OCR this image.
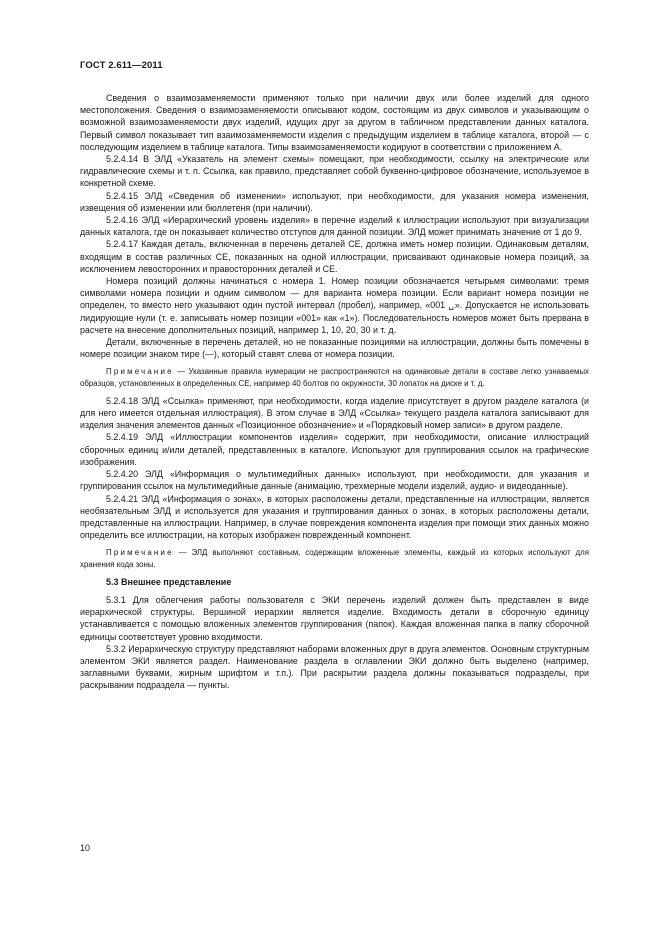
ГОСТ 2.611—2011

Сведения о взаимозаменяемости применяют только при наличии двух или более изделий для одного местоположения. Сведения о взаимозаменяемости описывают кодом, состоящим из двух символов и указывающим о возможной взаимозаменяемости двух изделий, идущих друг за другом в табличном представлении данных каталога. Первый символ показывает тип взаимозаменяемости изделия с предыдущим изделием в таблице каталога, второй — с последующим изделием в таблице каталога. Типы взаимозаменяемости кодируют в соответствии с приложением А.

5.2.4.14 В ЭЛД «Указатель на элемент схемы» помещают, при необходимости, ссылку на электрические или гидравлические схемы и т. п. Ссылка, как правило, представляет собой буквенно-цифровое обозначение, используемое в конкретной схеме.

5.2.4.15 ЭЛД «Сведения об изменении» используют, при необходимости, для указания номера изменения, извещения об изменении или бюллетеня (при наличии).

5.2.4.16 ЭЛД «Иерархический уровень изделия» в перечне изделий к иллюстрации используют при визуализации данных каталога, где он показывает количество отступов для данной позиции. ЭЛД может принимать значение от 1 до 9.

5.2.4.17 Каждая деталь, включенная в перечень деталей СЕ, должна иметь номер позиции. Одинаковым деталям, входящим в состав различных СЕ, показанных на одной иллюстрации, присваивают одинаковые номера позиций, за исключением левосторонних и правосторонних деталей и СЕ.

Номера позиций должны начинаться с номера 1. Номер позиции обозначается четырьмя символами: тремя символами номера позиции и одним символом — для варианта номера позиции. Если вариант номера позиции не определен, то вместо него указывают один пустой интервал (пробел), например, «001 ␣». Допускается не использовать лидирующие нули (т. е. записывать номер позиции «001» как «1»). Последовательность номеров может быть прервана в расчете на внесение дополнительных позиций, например 1, 10, 20, 30 и т. д.

Детали, включенные в перечень деталей, но не показанные позициями на иллюстрации, должны быть помечены в номере позиции знаком тире (—), который ставят слева от номера позиции.

Примечание — Указанные правила нумерации не распространяются на одинаковые детали в составе легко узнаваемых образцов, установленных в определенных СЕ, например 40 болтов по окружности, 30 лопаток на диске и т. д.

5.2.4.18 ЭЛД «Ссылка» применяют, при необходимости, когда изделие присутствует в другом разделе каталога (и для него имеется отдельная иллюстрация). В этом случае в ЭЛД «Ссылка» текущего раздела каталога записывают для изделия значения элементов данных «Позиционное обозначение» и «Порядковый номер записи» в другом разделе.

5.2.4.19 ЭЛД «Иллюстрации компонентов изделия» содержит, при необходимости, описание иллюстраций сборочных единиц и/или деталей, представленных в каталоге. Используют для группирования ссылок на графические изображения.

5.2.4.20 ЭЛД «Информация о мультимедийных данных» используют, при необходимости, для указания и группирования ссылок на мультимедийные данные (анимацию, трехмерные модели изделий, аудио- и видеоданные).

5.2.4.21 ЭЛД «Информация о зонах», в которых расположены детали, представленные на иллюстрации, является необязательным ЭЛД и используется для указания и группирования данных о зонах, в которых расположены детали, представленные на иллюстрации. Например, в случае повреждения компонента изделия при помощи этих данных можно определить все иллюстрации, на которых изображен поврежденный компонент.

Примечание — ЭЛД выполняют составным, содержащим вложенные элементы, каждый из которых используют для хранения кода зоны.

5.3 Внешнее представление

5.3.1 Для облегчения работы пользователя с ЭКИ перечень изделий должен быть представлен в виде иерархической структуры. Вершиной иерархии является изделие. Входимость детали в сборочную единицу устанавливается с помощью вложенных элементов группирования (папок). Каждая вложенная папка в папку сборочной единицы соответствует уровню входимости.

5.3.2 Иерархическую структуру представляют наборами вложенных друг в друга элементов. Основным структурным элементом ЭКИ является раздел. Наименование раздела в оглавлении ЭКИ должно быть выделено (например, заглавными буквами, жирным шрифтом и т.п.). При раскрытии раздела должны показываться подразделы, при раскрывании подраздела — пункты.

10
